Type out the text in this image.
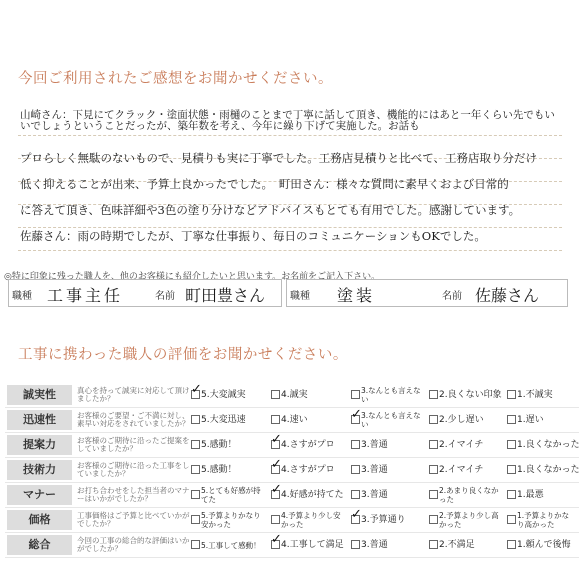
今回ご利用されたご感想をお聞かせください。
山崎さん：下見にてクラック・塗面状態・雨樋のことまで丁寧に話して頂き、機能的にはあと一年くらい先でもいいでしょうということだったが、築年数を考え、今年に繰り下げて実施した。お話も
プロらしく無駄のないもので、見積りも実に丁寧でした。工務店見積りと比べて、工務店取り分だけ
低く抑えることが出来、予算上良かったでした。　町田さん：様々な質問に素早くおよび日常的
に答えて頂き、色味詳細や3色の塗り分けなどアドバイスもとても有用でした。感謝しています。
佐藤さん：雨の時期でしたが、丁寧な仕事振り、毎日のコミュニケーションもOKでした。
◎特に印象に残った職人を、他のお客様にも紹介したいと思います。お名前をご記入下さい。
職種 工事主任	名前 町田豊さん 職種 塗装	名前 佐藤さん
工事に携わった職人の評価をお聞かせください。
誠実性	真心を持って誠実に対応して頂けましたか？	✓5.大変誠実	4.誠実	3.なんとも言えない	2.良くない印象	1.不誠実

迅速性	お客様のご要望・ご不満に対し、素早い対応をされていましたか？	5.大変迅速	4.速い	✓3.なんとも言えない	2.少し遅い	1.遅い

提案力	お客様のご期待に沿ったご提案をしていましたか？	5.感動！	✓4.さすがプロ	3.普通	2.イマイチ	1.良くなかった

技術力	お客様のご期待に沿った工事をしていましたか？	5.感動！	✓4.さすがプロ	3.普通	2.イマイチ	1.良くなかった

マナー	お打ち合わせをした担当者のマナーはいかがでしたか？	5.とても好感が持てた	✓4.好感が持てた	3.普通	2.あまり良くなかった	1.最悪

価格	工事価格はご予算と比べていかがでしたか？	5.予算よりかなり安かった	4.予算より少し安かった	✓3.予算通り	2.予算より少し高かった	1.予算よりかなり高かった

総合	今回の工事の総合的な評価はいかがでしたか？	5.工事して感動！	✓4.工事して満足	3.普通	2.不満足	1.頼んで後悔
